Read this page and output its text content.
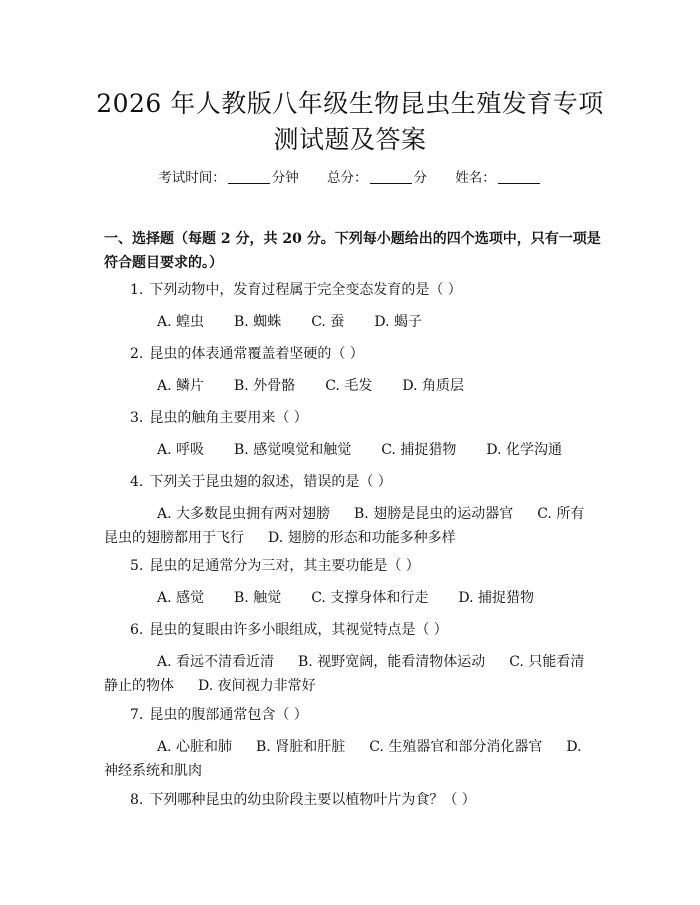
2026 年人教版八年级生物昆虫生殖发育专项
测试题及答案
考试时间：	分钟 总分：	分 姓名：
一、选择题（每题 2 分，共 20 分。下列每小题给出的四个选项中，只有一项是符合题目要求的。）
1. 下列动物中，发育过程属于完全变态发育的是（ ）
A. 蝗虫 B. 蜘蛛 C. 蚕 D. 蝎子
2. 昆虫的体表通常覆盖着坚硬的（ ）
A. 鳞片 B. 外骨骼 C. 毛发 D. 角质层
3. 昆虫的触角主要用来（ ）
A. 呼吸 B. 感觉嗅觉和触觉 C. 捕捉猎物 D. 化学沟通
4. 下列关于昆虫翅的叙述，错误的是（ ）
A. 大多数昆虫拥有两对翅膀 B. 翅膀是昆虫的运动器官 C. 所有昆虫的翅膀都用于飞行 D. 翅膀的形态和功能多种多样
5. 昆虫的足通常分为三对，其主要功能是（ ）
A. 感觉 B. 触觉 C. 支撑身体和行走 D. 捕捉猎物
6. 昆虫的复眼由许多小眼组成，其视觉特点是（ ）
A. 看远不清看近清 B. 视野宽阔，能看清物体运动 C. 只能看清静止的物体 D. 夜间视力非常好
7. 昆虫的腹部通常包含（ ）
A. 心脏和肺 B. 肾脏和肝脏 C. 生殖器官和部分消化器官 D. 神经系统和肌肉
8. 下列哪种昆虫的幼虫阶段主要以植物叶片为食？（ ）
